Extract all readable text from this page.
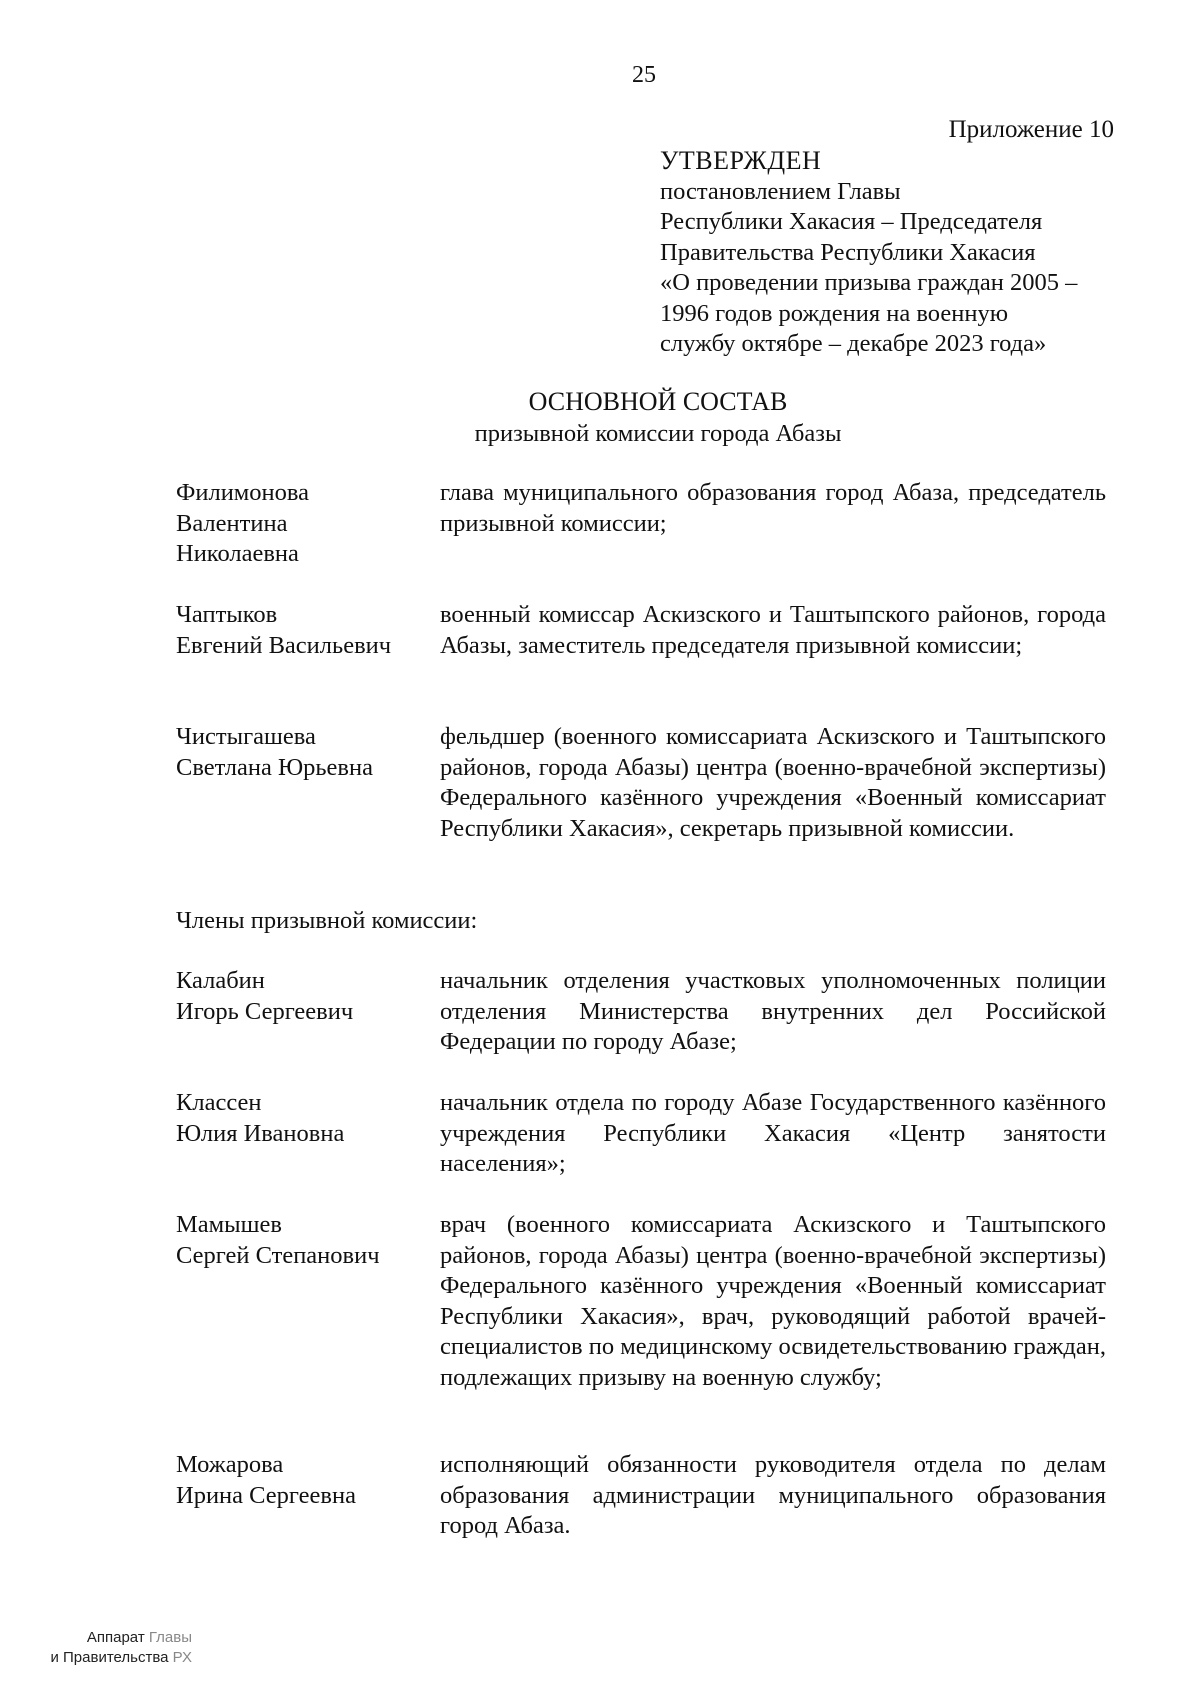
25
Приложение 10
УТВЕРЖДЕН
постановлением Главы
Республики Хакасия – Председателя
Правительства Республики Хакасия
«О проведении призыва граждан 2005 –
1996 годов рождения на военную
службу октябре – декабре 2023 года»
ОСНОВНОЙ СОСТАВ
призывной комиссии города Абазы
Филимонова
Валентина
Николаевна
глава муниципального образования город Абаза, председатель призывной комиссии;
Чаптыков
Евгений Васильевич
военный комиссар Аскизского и Таштыпского районов, города Абазы, заместитель председателя призывной комиссии;
Чистыгашева
Светлана Юрьевна
фельдшер (военного комиссариата Аскизского и Таштыпского районов, города Абазы) центра (военно-врачебной экспертизы) Федерального казённого учреждения «Военный комиссариат Республики Хакасия», секретарь призывной комиссии.
Члены призывной комиссии:
Калабин
Игорь Сергеевич
начальник отделения участковых уполномоченных полиции отделения Министерства внутренних дел Российской Федерации по городу Абазе;
Классен
Юлия Ивановна
начальник отдела по городу Абазе Государственного казённого учреждения Республики Хакасия «Центр занятости населения»;
Мамышев
Сергей Степанович
врач (военного комиссариата Аскизского и Таштыпского районов, города Абазы) центра (военно-врачебной экспертизы) Федерального казённого учреждения «Военный комиссариат Республики Хакасия», врач, руководящий работой врачей-специалистов по медицинскому освидетельствованию граждан, подлежащих призыву на военную службу;
Можарова
Ирина Сергеевна
исполняющий обязанности руководителя отдела по делам образования администрации муниципального образования город Абаза.
Аппарат Главы
и Правительства РХ
